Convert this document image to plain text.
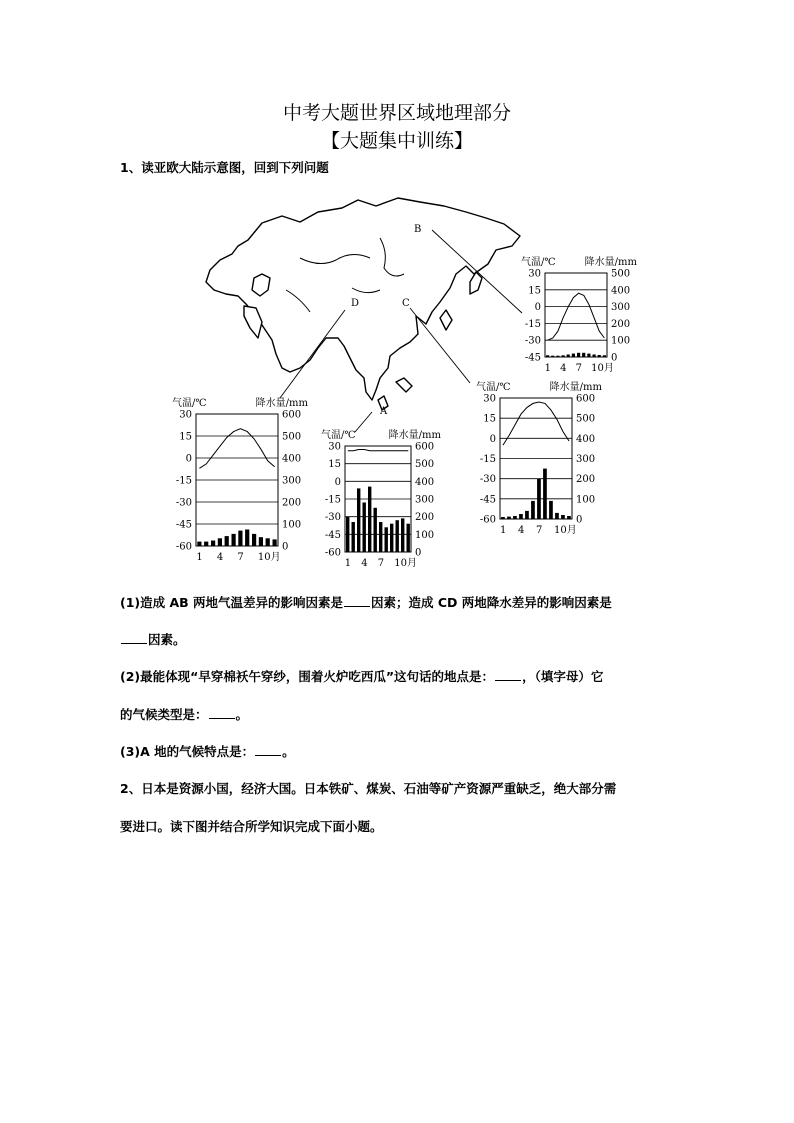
中考大题世界区域地理部分
【大题集中训练】
1、读亚欧大陆示意图，回到下列问题
B
C
D
A
30	600
15	500
0	400
-15	300
-30	200
-45	100
-60	0
气温/℃	降水量/mm
1 4 7 10月
30	600
15	500
0	400
-15	300
-30	200
-45	100
-60	0
气温/℃	降水量/mm
1 4 7 10月
30	500
15	400
0	300
-15	200
-30	100
-45	0
气温/℃	降水量/mm
1 4 7 10月
30	600
15	500
0	400
-15	300
-30	200
-45	100
-60	0
气温/℃	降水量/mm
1 4 7 10月
(1)造成 AB 两地气温差异的影响因素是 因素；造成 CD 两地降水差异的影响因素是
因素。
(2)最能体现“早穿棉袄午穿纱，围着火炉吃西瓜”这句话的地点是： ，（填字母）它
的气候类型是： 。
(3)A 地的气候特点是： 。
2、日本是资源小国，经济大国。日本铁矿、煤炭、石油等矿产资源严重缺乏，绝大部分需
要进口。读下图并结合所学知识完成下面小题。
